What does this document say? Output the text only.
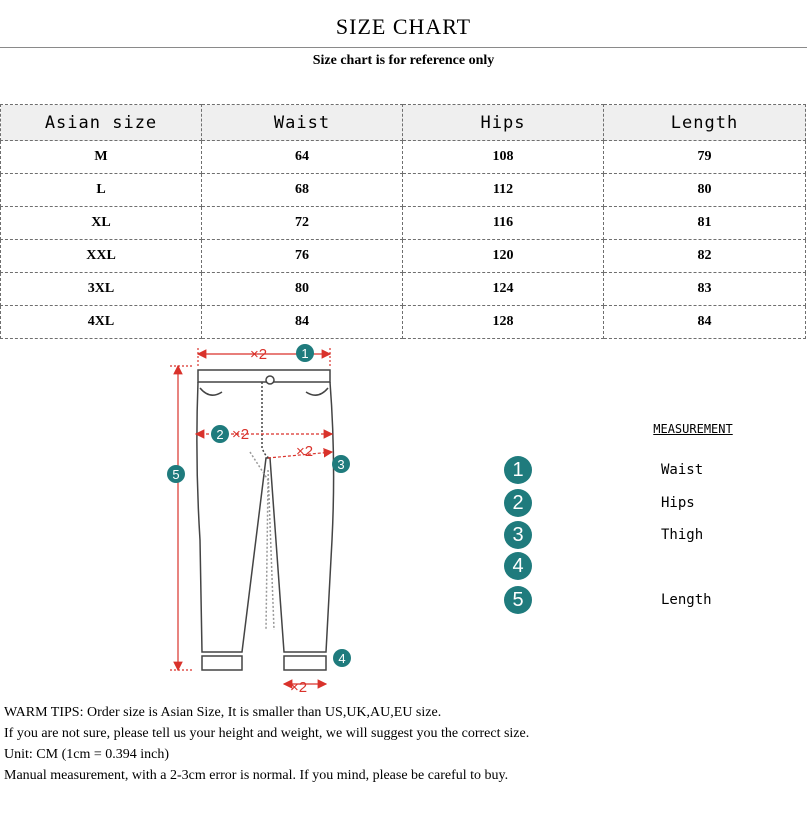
SIZE CHART
Size chart is for reference only
Asian size	Waist	Hips	Length
M	64	108	79
L	68	112	80
XL	72	116	81
XXL	76	120	82
3XL	80	124	83
4XL	84	128	84
×2
×2
×2
×2
1
2
3
4
5
MEASUREMENT
1	Waist
2	Hips
3	Thigh
4
5	Length
WARM TIPS: Order size is Asian Size, It is smaller than US,UK,AU,EU size.
If you are not sure, please tell us your height and weight, we will suggest you the correct size.
Unit: CM (1cm = 0.394 inch)
Manual measurement, with a 2-3cm error is normal. If you mind, please be careful to buy.
